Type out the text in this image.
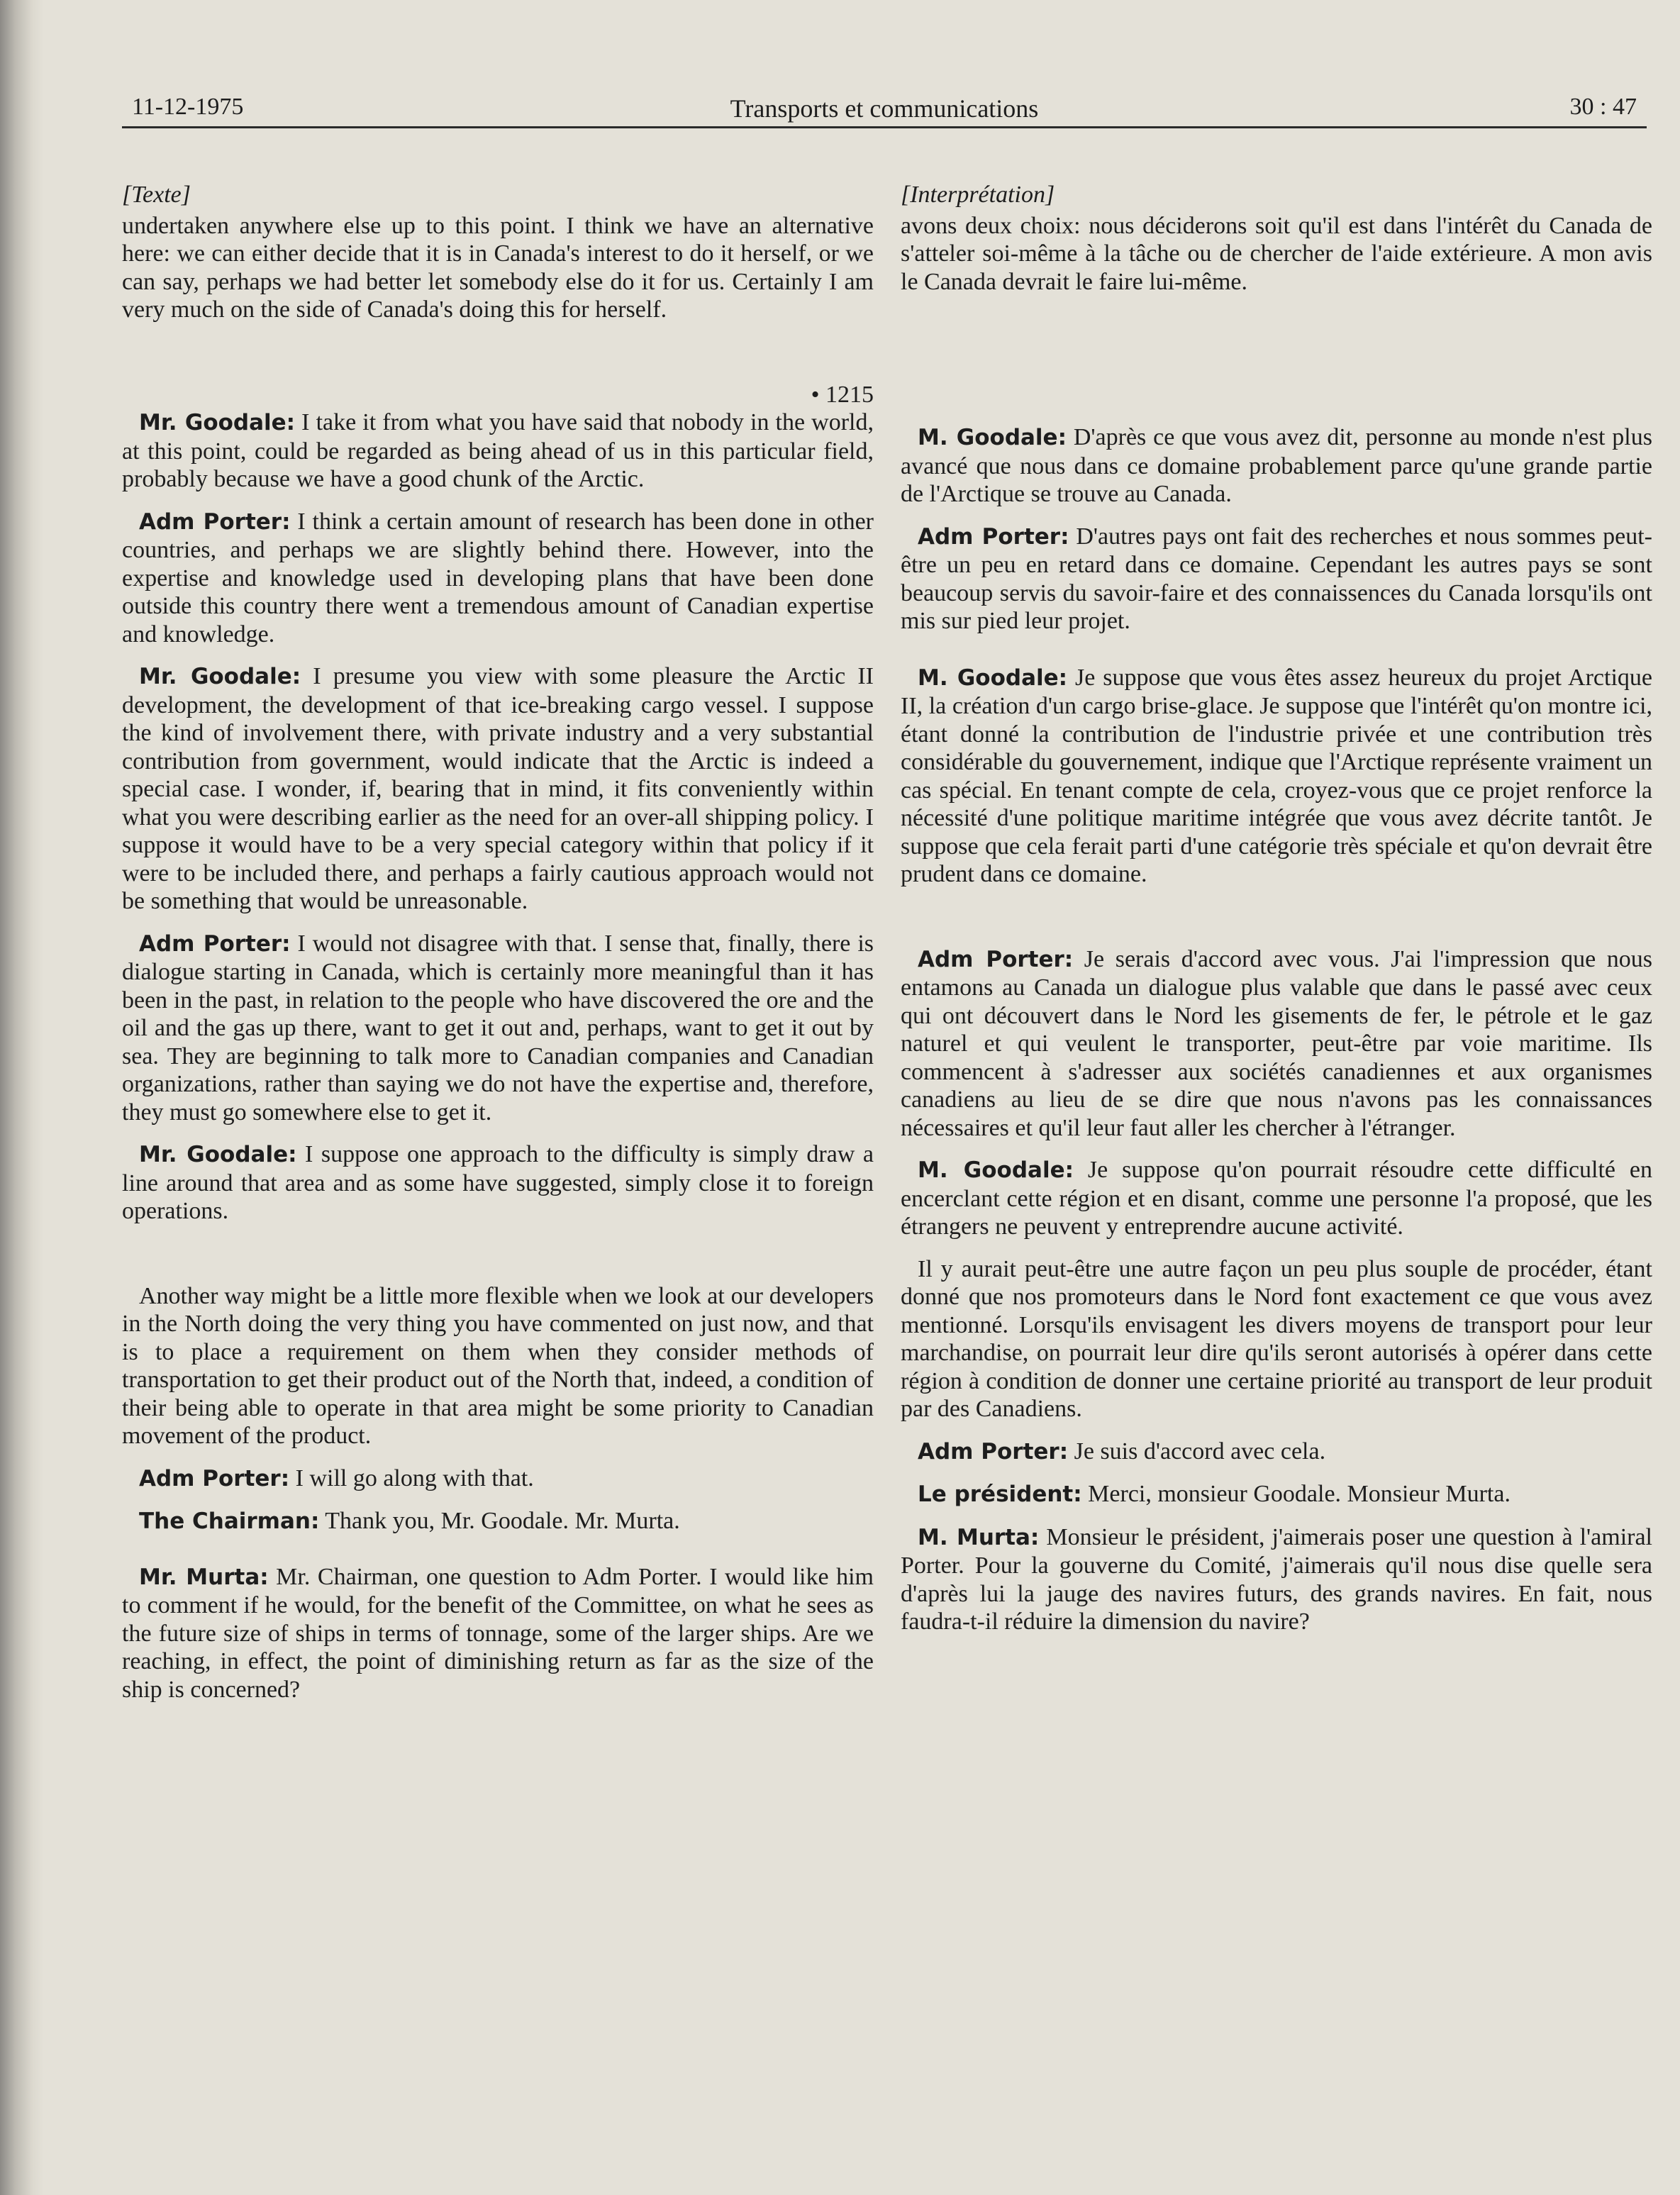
11-12-1975	Transports et communications	30 : 47

[Texte]

undertaken anywhere else up to this point. I think we have an alternative here: we can either decide that it is in Canada's interest to do it herself, or we can say, perhaps we had better let somebody else do it for us. Certainly I am very much on the side of Canada's doing this for herself.

• 1215

Mr. Goodale: I take it from what you have said that nobody in the world, at this point, could be regarded as being ahead of us in this particular field, probably because we have a good chunk of the Arctic.

Adm Porter: I think a certain amount of research has been done in other countries, and perhaps we are slightly behind there. However, into the expertise and knowledge used in developing plans that have been done outside this country there went a tremendous amount of Canadian expertise and knowledge.

Mr. Goodale: I presume you view with some pleasure the Arctic II development, the development of that ice-breaking cargo vessel. I suppose the kind of involvement there, with private industry and a very substantial contribution from government, would indicate that the Arctic is indeed a special case. I wonder, if, bearing that in mind, it fits conveniently within what you were describing earlier as the need for an over-all shipping policy. I suppose it would have to be a very special category within that policy if it were to be included there, and perhaps a fairly cautious approach would not be something that would be unreasonable.

Adm Porter: I would not disagree with that. I sense that, finally, there is dialogue starting in Canada, which is certainly more meaningful than it has been in the past, in relation to the people who have discovered the ore and the oil and the gas up there, want to get it out and, perhaps, want to get it out by sea. They are beginning to talk more to Canadian companies and Canadian organizations, rather than saying we do not have the expertise and, therefore, they must go somewhere else to get it.

Mr. Goodale: I suppose one approach to the difficulty is simply draw a line around that area and as some have suggested, simply close it to foreign operations.

Another way might be a little more flexible when we look at our developers in the North doing the very thing you have commented on just now, and that is to place a requirement on them when they consider methods of transportation to get their product out of the North that, indeed, a condition of their being able to operate in that area might be some priority to Canadian movement of the product.

Adm Porter: I will go along with that.

The Chairman: Thank you, Mr. Goodale. Mr. Murta.

Mr. Murta: Mr. Chairman, one question to Adm Porter. I would like him to comment if he would, for the benefit of the Committee, on what he sees as the future size of ships in terms of tonnage, some of the larger ships. Are we reaching, in effect, the point of diminishing return as far as the size of the ship is concerned?

[Interprétation]

avons deux choix: nous déciderons soit qu'il est dans l'intérêt du Canada de s'atteler soi-même à la tâche ou de chercher de l'aide extérieure. A mon avis le Canada devrait le faire lui-même.

M. Goodale: D'après ce que vous avez dit, personne au monde n'est plus avancé que nous dans ce domaine probablement parce qu'une grande partie de l'Arctique se trouve au Canada.

Adm Porter: D'autres pays ont fait des recherches et nous sommes peut-être un peu en retard dans ce domaine. Cependant les autres pays se sont beaucoup servis du savoir-faire et des connaissences du Canada lorsqu'ils ont mis sur pied leur projet.

M. Goodale: Je suppose que vous êtes assez heureux du projet Arctique II, la création d'un cargo brise-glace. Je suppose que l'intérêt qu'on montre ici, étant donné la contribution de l'industrie privée et une contribution très considérable du gouvernement, indique que l'Arctique représente vraiment un cas spécial. En tenant compte de cela, croyez-vous que ce projet renforce la nécessité d'une politique maritime intégrée que vous avez décrite tantôt. Je suppose que cela ferait parti d'une catégorie très spéciale et qu'on devrait être prudent dans ce domaine.

Adm Porter: Je serais d'accord avec vous. J'ai l'impression que nous entamons au Canada un dialogue plus valable que dans le passé avec ceux qui ont découvert dans le Nord les gisements de fer, le pétrole et le gaz naturel et qui veulent le transporter, peut-être par voie maritime. Ils commencent à s'adresser aux sociétés canadiennes et aux organismes canadiens au lieu de se dire que nous n'avons pas les connaissances nécessaires et qu'il leur faut aller les chercher à l'étranger.

M. Goodale: Je suppose qu'on pourrait résoudre cette difficulté en encerclant cette région et en disant, comme une personne l'a proposé, que les étrangers ne peuvent y entreprendre aucune activité.

Il y aurait peut-être une autre façon un peu plus souple de procéder, étant donné que nos promoteurs dans le Nord font exactement ce que vous avez mentionné. Lorsqu'ils envisagent les divers moyens de transport pour leur marchandise, on pourrait leur dire qu'ils seront autorisés à opérer dans cette région à condition de donner une certaine priorité au transport de leur produit par des Canadiens.

Adm Porter: Je suis d'accord avec cela.

Le président: Merci, monsieur Goodale. Monsieur Murta.

M. Murta: Monsieur le président, j'aimerais poser une question à l'amiral Porter. Pour la gouverne du Comité, j'aimerais qu'il nous dise quelle sera d'après lui la jauge des navires futurs, des grands navires. En fait, nous faudra-t-il réduire la dimension du navire?
